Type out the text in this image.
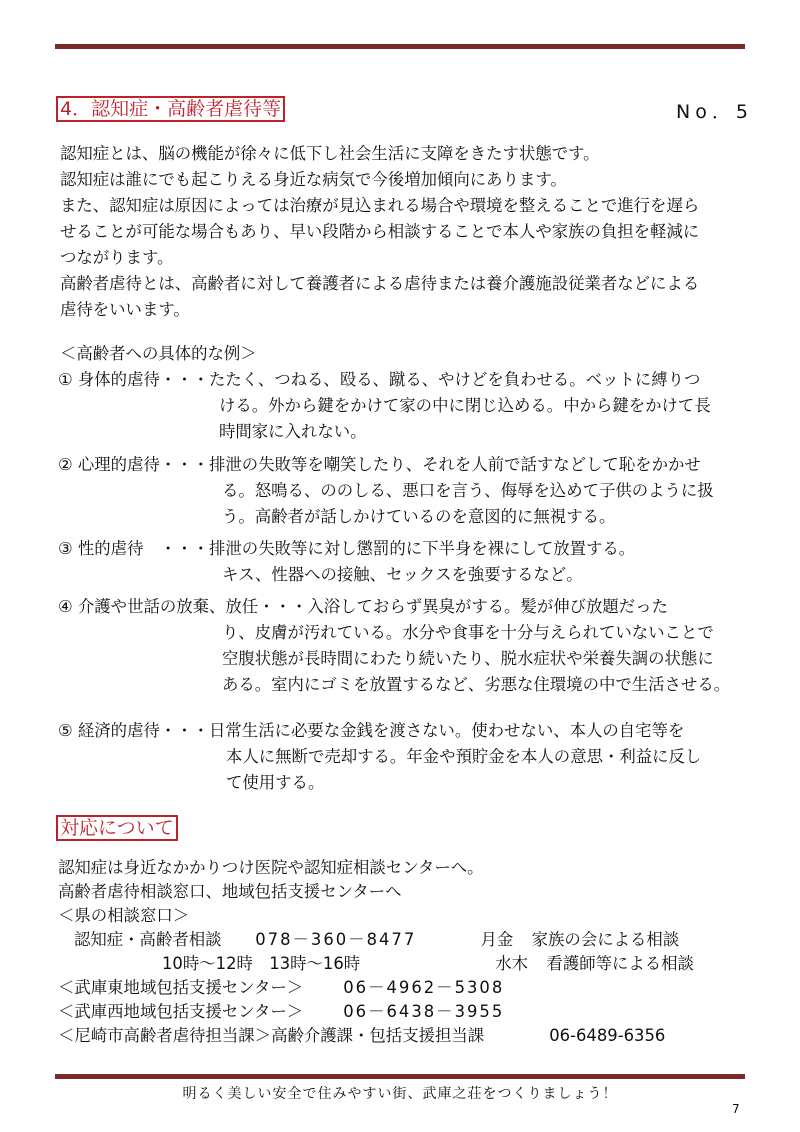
4．認知症・高齢者虐待等	No．5
認知症とは、脳の機能が徐々に低下し社会生活に支障をきたす状態です。
認知症は誰にでも起こりえる身近な病気で今後増加傾向にあります。
また、認知症は原因によっては治療が見込まれる場合や環境を整えることで進行を遅ら
せることが可能な場合もあり、早い段階から相談することで本人や家族の負担を軽減に
つながります。
高齢者虐待とは、高齢者に対して養護者による虐待または養介護施設従業者などによる
虐待をいいます。
＜高齢者への具体的な例＞
① 身体的虐待・・・たたく、つねる、殴る、蹴る、やけどを負わせる。ベットに縛りつ
ける。外から鍵をかけて家の中に閉じ込める。中から鍵をかけて長
時間家に入れない。
② 心理的虐待・・・排泄の失敗等を嘲笑したり、それを人前で話すなどして恥をかかせ
る。怒鳴る、ののしる、悪口を言う、侮辱を込めて子供のように扱
う。高齢者が話しかけているのを意図的に無視する。
③ 性的虐待　・・・排泄の失敗等に対し懲罰的に下半身を裸にして放置する。
キス、性器への接触、セックスを強要するなど。
④ 介護や世話の放棄、放任・・・入浴しておらず異臭がする。髪が伸び放題だった
り、皮膚が汚れている。水分や食事を十分与えられていないことで
空腹状態が長時間にわたり続いたり、脱水症状や栄養失調の状態に
ある。室内にゴミを放置するなど、劣悪な住環境の中で生活させる。
⑤ 経済的虐待・・・日常生活に必要な金銭を渡さない。使わせない、本人の自宅等を
本人に無断で売却する。年金や預貯金を本人の意思・利益に反し
て使用する。
対応について
認知症は身近なかかりつけ医院や認知症相談センターへ。
高齢者虐待相談窓口、地域包括支援センターへ
＜県の相談窓口＞
認知症・高齢者相談 078－360－8477	月金 家族の会による相談
10時～12時　13時～16時	水木 看護師等による相談
＜武庫東地域包括支援センター＞ 06－4962－5308
＜武庫西地域包括支援センター＞ 06－6438－3955
＜尼崎市高齢者虐待担当課＞高齢介護課・包括支援担当課	06-6489-6356
明るく美しい安全で住みやすい街、武庫之荘をつくりましょう！
7
